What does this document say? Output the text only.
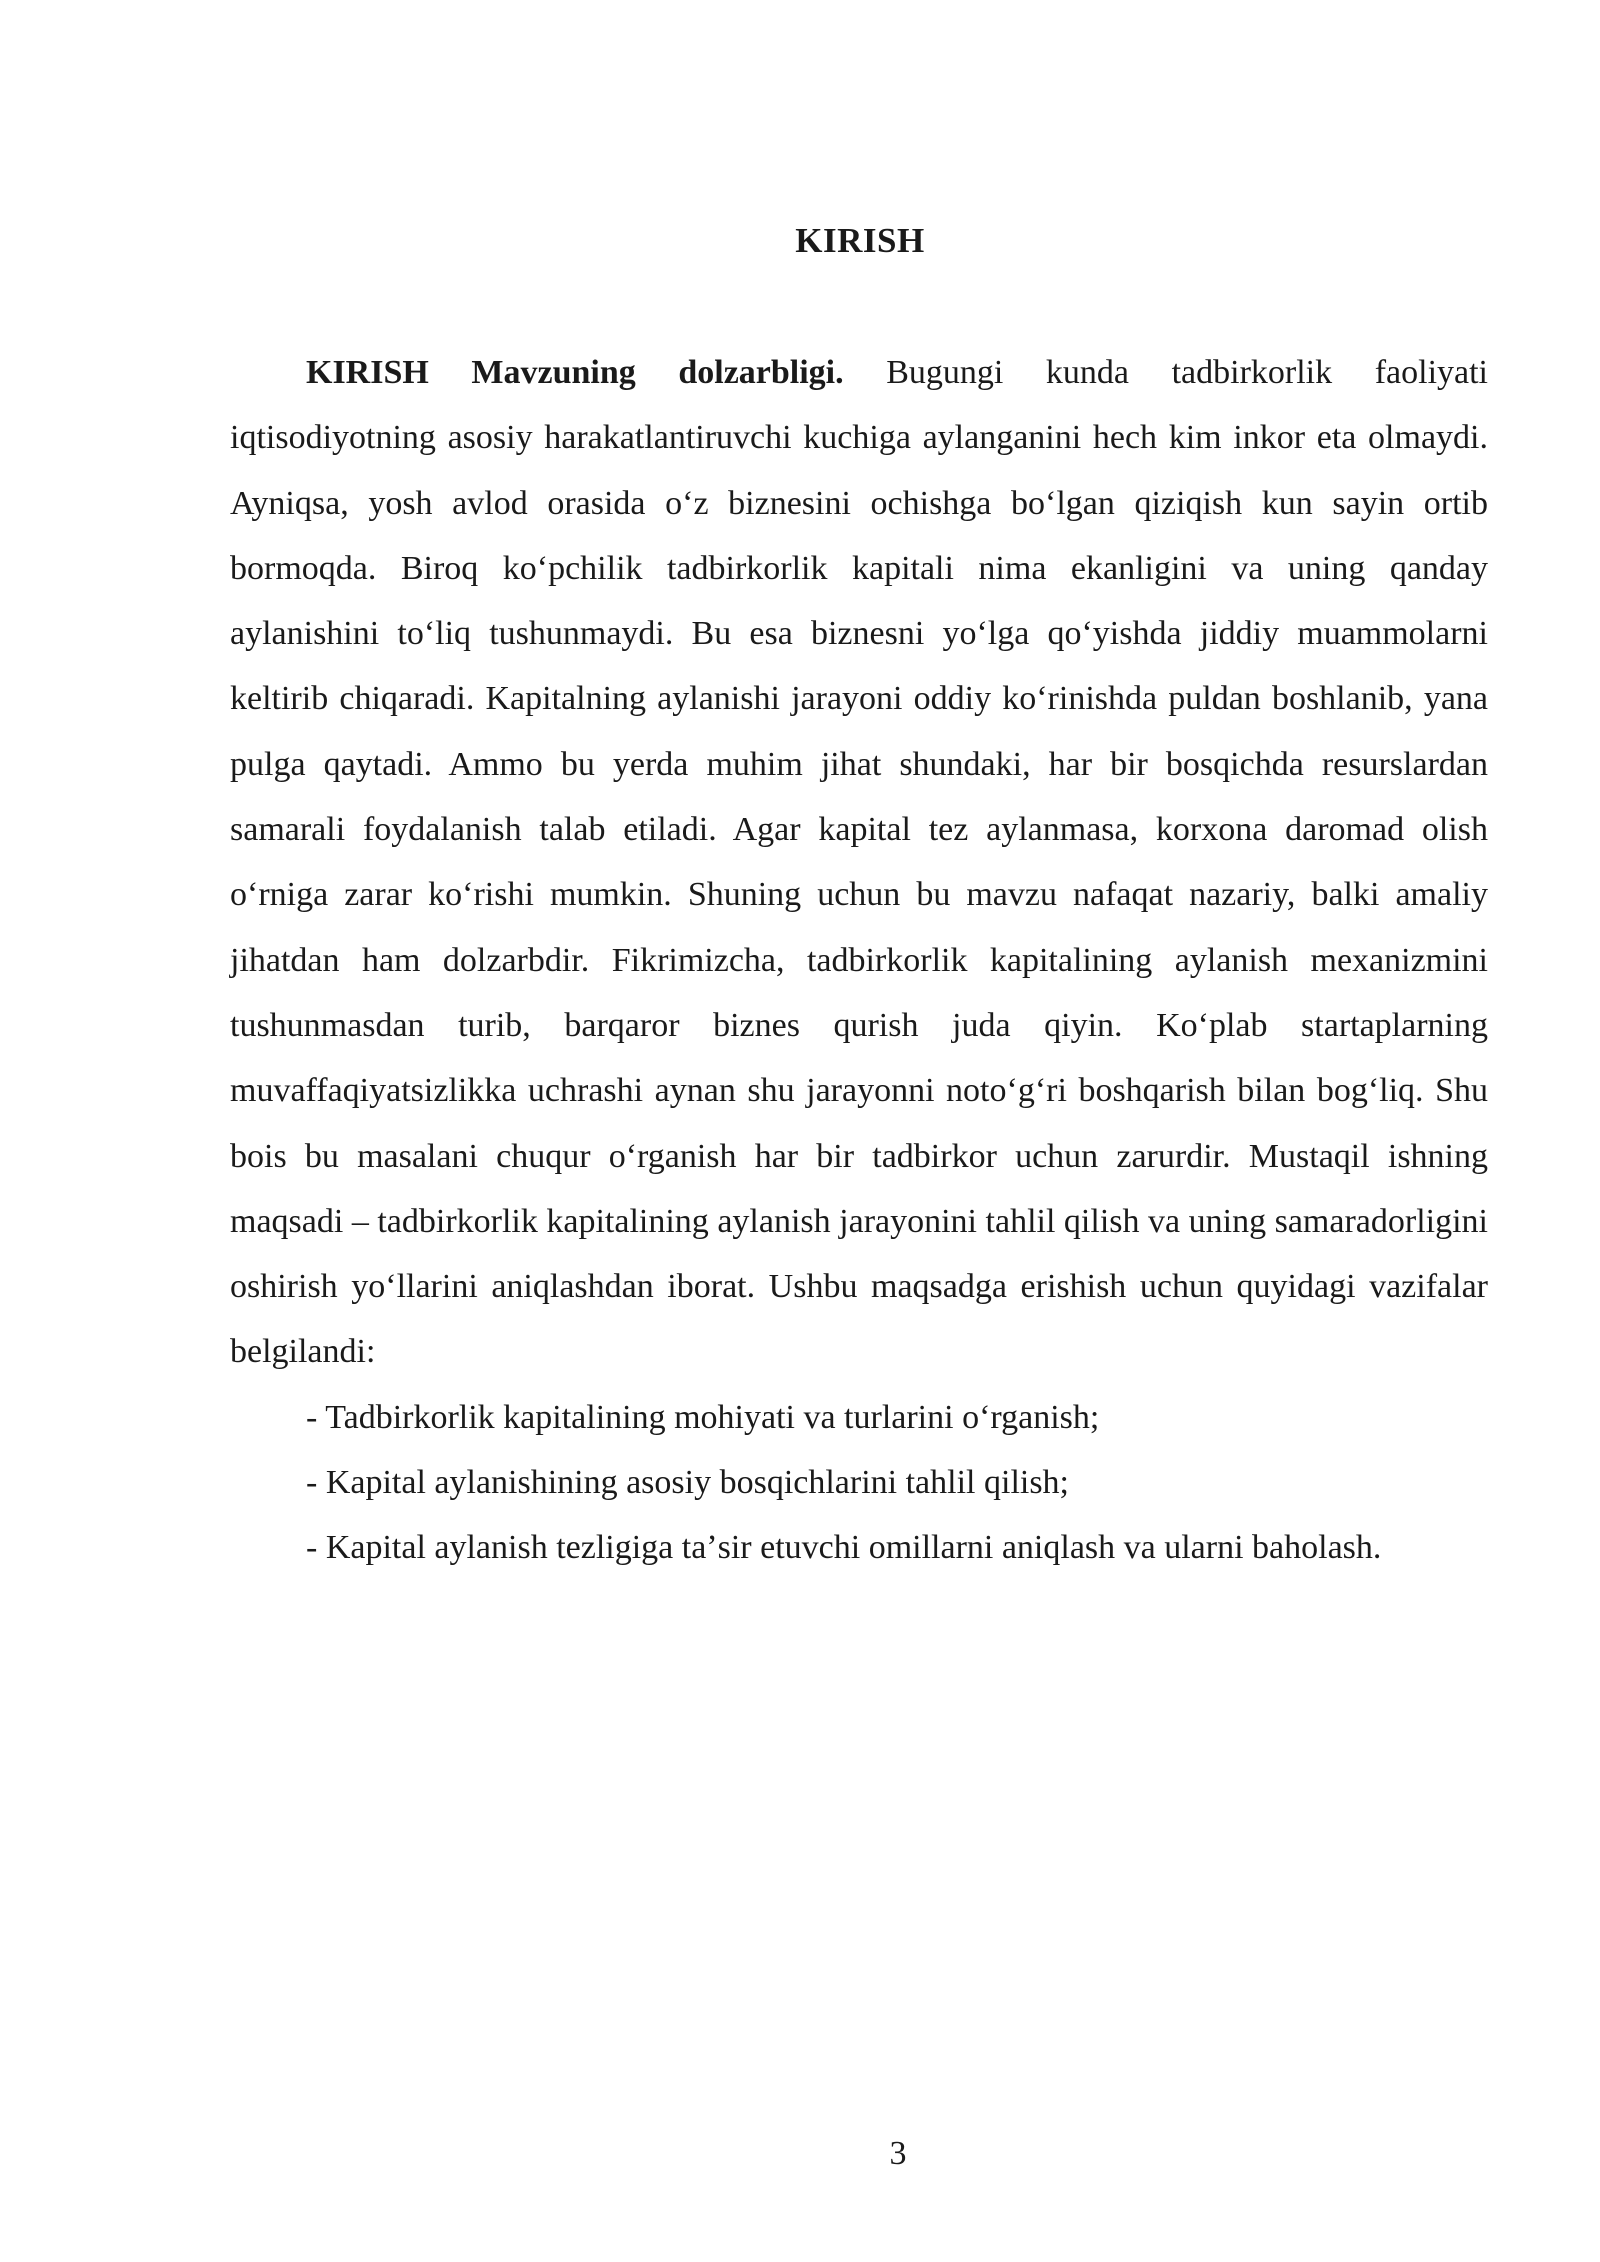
KIRISH

KIRISH Mavzuning dolzarbligi. Bugungi kunda tadbirkorlik faoliyati iqtisodiyotning asosiy harakatlantiruvchi kuchiga aylanganini hech kim inkor eta olmaydi. Ayniqsa, yosh avlod orasida oʻz biznesini ochishga boʻlgan qiziqish kun sayin ortib bormoqda. Biroq koʻpchilik tadbirkorlik kapitali nima ekanligini va uning qanday aylanishini toʻliq tushunmaydi. Bu esa biznesni yoʻlga qoʻyishda jiddiy muammolarni keltirib chiqaradi. Kapitalning aylanishi jarayoni oddiy koʻrinishda puldan boshlanib, yana pulga qaytadi. Ammo bu yerda muhim jihat shundaki, har bir bosqichda resurslardan samarali foydalanish talab etiladi. Agar kapital tez aylanmasa, korxona daromad olish oʻrniga zarar koʻrishi mumkin. Shuning uchun bu mavzu nafaqat nazariy, balki amaliy jihatdan ham dolzarbdir. Fikrimizcha, tadbirkorlik kapitalining aylanish mexanizmini tushunmasdan turib, barqaror biznes qurish juda qiyin. Koʻplab startaplarning muvaffaqiyatsizlikka uchrashi aynan shu jarayonni notoʻgʻri boshqarish bilan bogʻliq. Shu bois bu masalani chuqur oʻrganish har bir tadbirkor uchun zarurdir. Mustaqil ishning maqsadi – tadbirkorlik kapitalining aylanish jarayonini tahlil qilish va uning samaradorligini oshirish yoʻllarini aniqlashdan iborat. Ushbu maqsadga erishish uchun quyidagi vazifalar belgilandi:

- Tadbirkorlik kapitalining mohiyati va turlarini oʻrganish;

- Kapital aylanishining asosiy bosqichlarini tahlil qilish;

- Kapital aylanish tezligiga taʼsir etuvchi omillarni aniqlash va ularni baholash.

3
